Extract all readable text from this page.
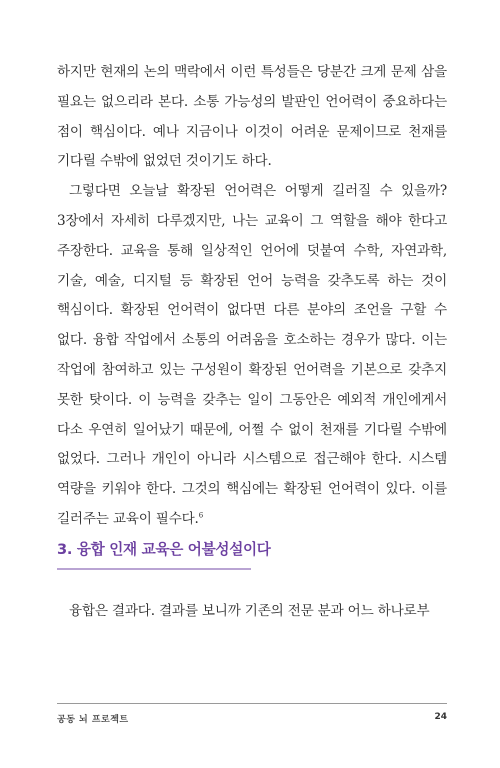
하지만 현재의 논의 맥락에서 이런 특성들은 당분간 크게 문제 삼을 필요는 없으리라 본다. 소통 가능성의 발판인 언어력이 중요하다는 점이 핵심이다. 예나 지금이나 이것이 어려운 문제이므로 천재를 기다릴 수밖에 없었던 것이기도 하다.

그렇다면 오늘날 확장된 언어력은 어떻게 길러질 수 있을까? 3장에서 자세히 다루겠지만, 나는 교육이 그 역할을 해야 한다고 주장한다. 교육을 통해 일상적인 언어에 덧붙여 수학, 자연과학, 기술, 예술, 디지털 등 확장된 언어 능력을 갖추도록 하는 것이 핵심이다. 확장된 언어력이 없다면 다른 분야의 조언을 구할 수 없다. 융합 작업에서 소통의 어려움을 호소하는 경우가 많다. 이는 작업에 참여하고 있는 구성원이 확장된 언어력을 기본으로 갖추지 못한 탓이다. 이 능력을 갖추는 일이 그동안은 예외적 개인에게서 다소 우연히 일어났기 때문에, 어쩔 수 없이 천재를 기다릴 수밖에 없었다. 그러나 개인이 아니라 시스템으로 접근해야 한다. 시스템 역량을 키워야 한다. 그것의 핵심에는 확장된 언어력이 있다. 이를 길러주는 교육이 필수다.$^6$

3. 융합 인재 교육은 어불성설이다

융합은 결과다. 결과를 보니까 기존의 전문 분과 어느 하나로부

공동 뇌 프로젝트	24
